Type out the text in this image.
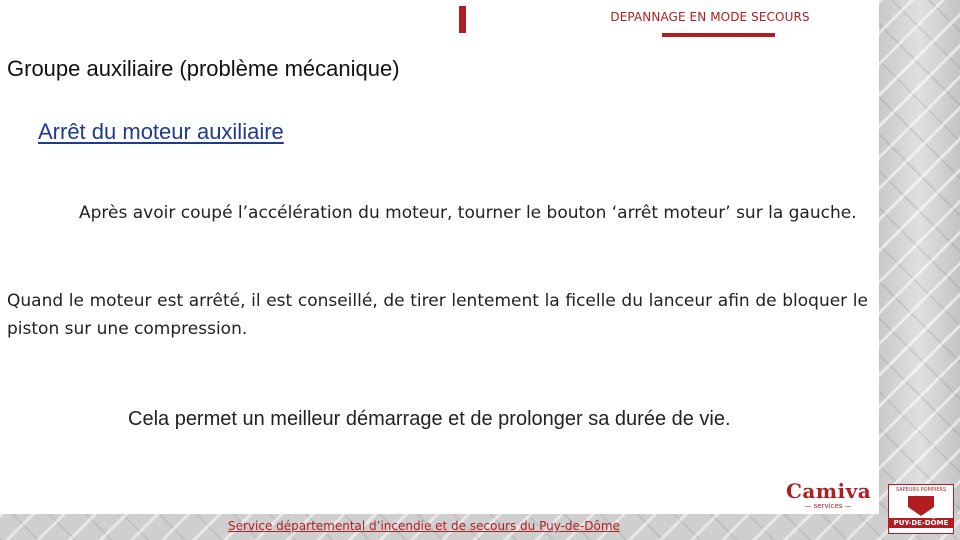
DEPANNAGE EN MODE SECOURS
Groupe auxiliaire (problème mécanique)
Arrêt du moteur auxiliaire

Après avoir coupé l’accélération du moteur, tourner le bouton ‘arrêt moteur’ sur la gauche.

Quand le moteur est arrêté, il est conseillé, de tirer lentement la ficelle du lanceur afin de bloquer le piston sur une compression.

Cela permet un meilleur démarrage et de prolonger sa durée de vie.

Service départemental d’incendie et de secours du Puy-de-Dôme

Camiva
— services —
SAPEURS POMPIERS
PUY-DE-DÔME
